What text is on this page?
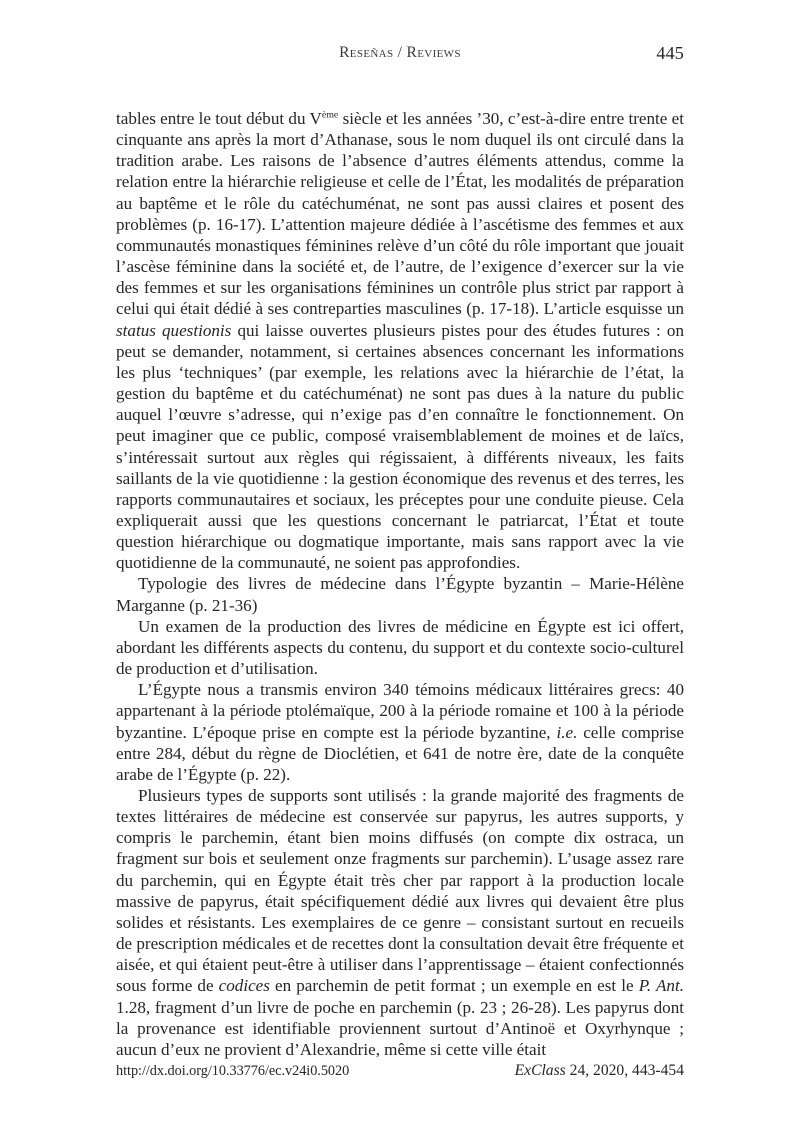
Reseñas / Reviews	445

tables entre le tout début du Vème siècle et les années ’30, c’est-à-dire entre trente et cinquante ans après la mort d’Athanase, sous le nom duquel ils ont circulé dans la tradition arabe. Les raisons de l’absence d’autres éléments attendus, comme la relation entre la hiérarchie religieuse et celle de l’État, les modalités de préparation au baptême et le rôle du catéchuménat, ne sont pas aussi claires et posent des problèmes (p. 16-17). L’attention majeure dédiée à l’ascétisme des femmes et aux communautés monastiques féminines relève d’un côté du rôle important que jouait l’ascèse féminine dans la société et, de l’autre, de l’exigence d’exercer sur la vie des femmes et sur les organisations féminines un contrôle plus strict par rapport à celui qui était dédié à ses contreparties masculines (p. 17-18). L’article esquisse un status questionis qui laisse ouvertes plusieurs pistes pour des études futures : on peut se demander, notamment, si certaines absences concernant les informations les plus ‘techniques’ (par exemple, les relations avec la hiérarchie de l’état, la gestion du baptême et du catéchuménat) ne sont pas dues à la nature du public auquel l’œuvre s’adresse, qui n’exige pas d’en connaître le fonctionnement. On peut imaginer que ce public, composé vraisemblablement de moines et de laïcs, s’intéressait surtout aux règles qui régissaient, à différents niveaux, les faits saillants de la vie quotidienne : la gestion économique des revenus et des terres, les rapports communautaires et sociaux, les préceptes pour une conduite pieuse. Cela expliquerait aussi que les questions concernant le patriarcat, l’État et toute question hiérarchique ou dogmatique importante, mais sans rapport avec la vie quotidienne de la communauté, ne soient pas approfondies.

Typologie des livres de médecine dans l’Égypte byzantin – Marie-Hélène Marganne (p. 21-36)

Un examen de la production des livres de médicine en Égypte est ici offert, abordant les différents aspects du contenu, du support et du contexte socio-culturel de production et d’utilisation.

L’Égypte nous a transmis environ 340 témoins médicaux littéraires grecs: 40 appartenant à la période ptolémaïque, 200 à la période romaine et 100 à la période byzantine. L’époque prise en compte est la période byzantine, i.e. celle comprise entre 284, début du règne de Dioclétien, et 641 de notre ère, date de la conquête arabe de l’Égypte (p. 22).

Plusieurs types de supports sont utilisés : la grande majorité des fragments de textes littéraires de médecine est conservée sur papyrus, les autres supports, y compris le parchemin, étant bien moins diffusés (on compte dix ostraca, un fragment sur bois et seulement onze fragments sur parchemin). L’usage assez rare du parchemin, qui en Égypte était très cher par rapport à la production locale massive de papyrus, était spécifiquement dédié aux livres qui devaient être plus solides et résistants. Les exemplaires de ce genre – consistant surtout en recueils de prescription médicales et de recettes dont la consultation devait être fréquente et aisée, et qui étaient peut-être à utiliser dans l’apprentissage – étaient confectionnés sous forme de codices en parchemin de petit format ; un exemple en est le P. Ant. 1.28, fragment d’un livre de poche en parchemin (p. 23 ; 26-28). Les papyrus dont la provenance est identifiable proviennent surtout d’Antinoë et Oxyrhynque ; aucun d’eux ne provient d’Alexandrie, même si cette ville était

http://dx.doi.org/10.33776/ec.v24i0.5020	ExClass 24, 2020, 443-454
